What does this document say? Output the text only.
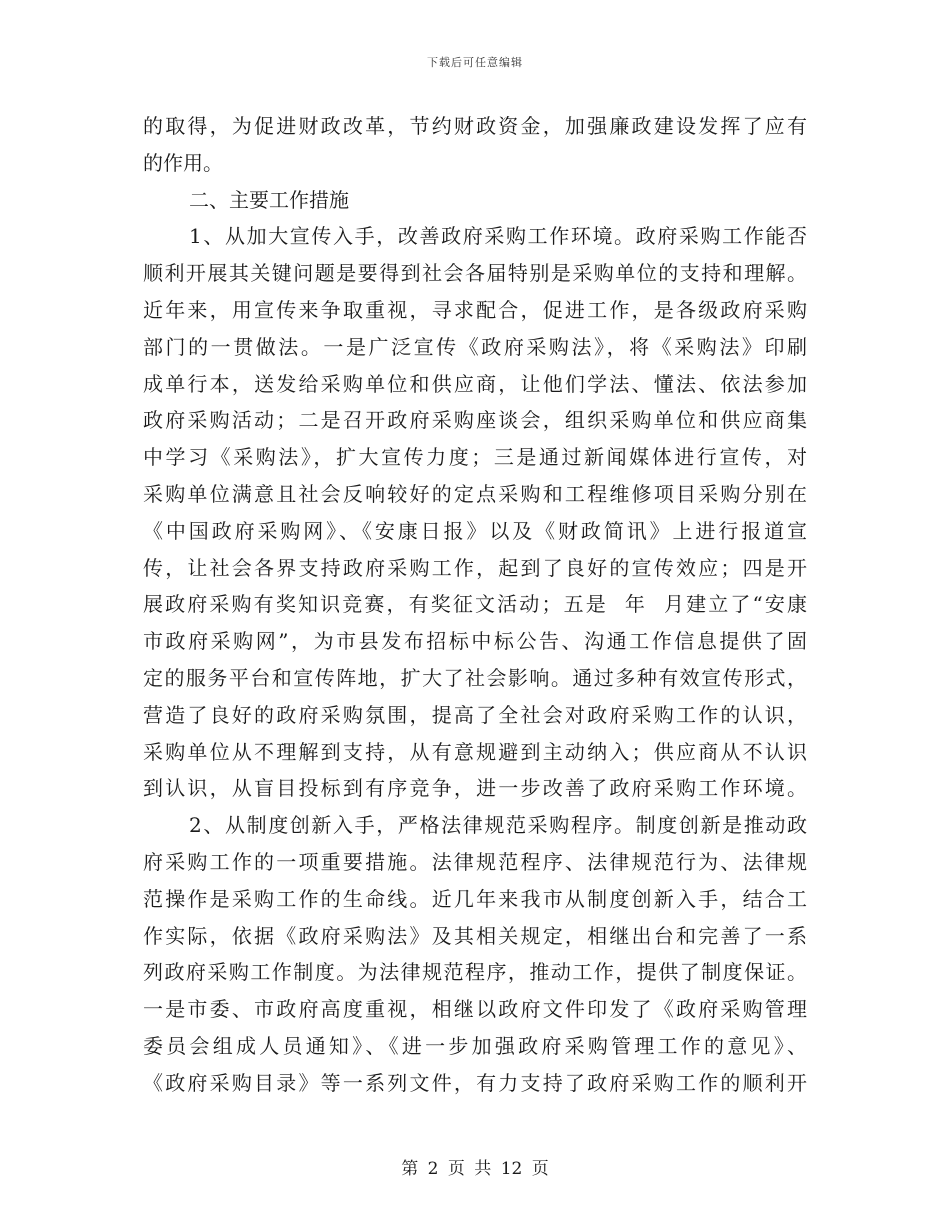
下载后可任意编辑
的取得，为促进财政改革，节约财政资金，加强廉政建设发挥了应有
的作用。
二、主要工作措施
1、从加大宣传入手，改善政府采购工作环境。政府采购工作能否
顺利开展其关键问题是要得到社会各届特别是采购单位的支持和理解。
近年来，用宣传来争取重视，寻求配合，促进工作，是各级政府采购
部门的一贯做法。一是广泛宣传《政府采购法》，将《采购法》印刷
成单行本，送发给采购单位和供应商，让他们学法、懂法、依法参加
政府采购活动；二是召开政府采购座谈会，组织采购单位和供应商集
中学习《采购法》，扩大宣传力度；三是通过新闻媒体进行宣传，对
采购单位满意且社会反响较好的定点采购和工程维修项目采购分别在
《中国政府采购网》、《安康日报》以及《财政简讯》上进行报道宣
传，让社会各界支持政府采购工作，起到了良好的宣传效应；四是开
展政府采购有奖知识竞赛，有奖征文活动；五是  年  月建立了“安康
市政府采购网”，为市县发布招标中标公告、沟通工作信息提供了固
定的服务平台和宣传阵地，扩大了社会影响。通过多种有效宣传形式，
营造了良好的政府采购氛围，提高了全社会对政府采购工作的认识，
采购单位从不理解到支持，从有意规避到主动纳入；供应商从不认识
到认识，从盲目投标到有序竞争，进一步改善了政府采购工作环境。
2、从制度创新入手，严格法律规范采购程序。制度创新是推动政
府采购工作的一项重要措施。法律规范程序、法律规范行为、法律规
范操作是采购工作的生命线。近几年来我市从制度创新入手，结合工
作实际，依据《政府采购法》及其相关规定，相继出台和完善了一系
列政府采购工作制度。为法律规范程序，推动工作，提供了制度保证。
一是市委、市政府高度重视，相继以政府文件印发了《政府采购管理
委员会组成人员通知》、《进一步加强政府采购管理工作的意见》、
《政府采购目录》等一系列文件，有力支持了政府采购工作的顺利开
第 2 页 共 12 页
